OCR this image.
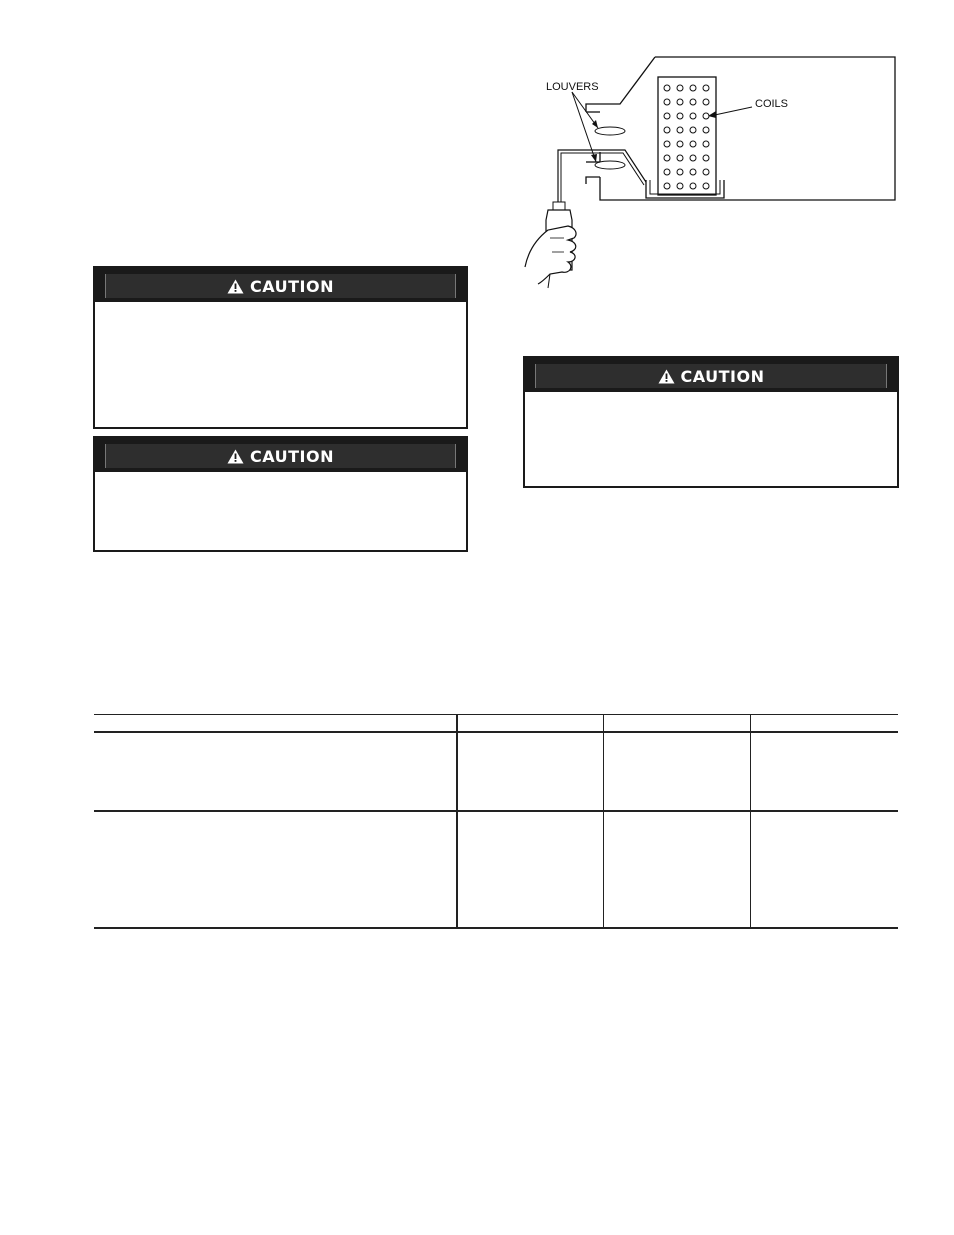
LOUVERS
COILS
CAUTION
CAUTION
CAUTION
